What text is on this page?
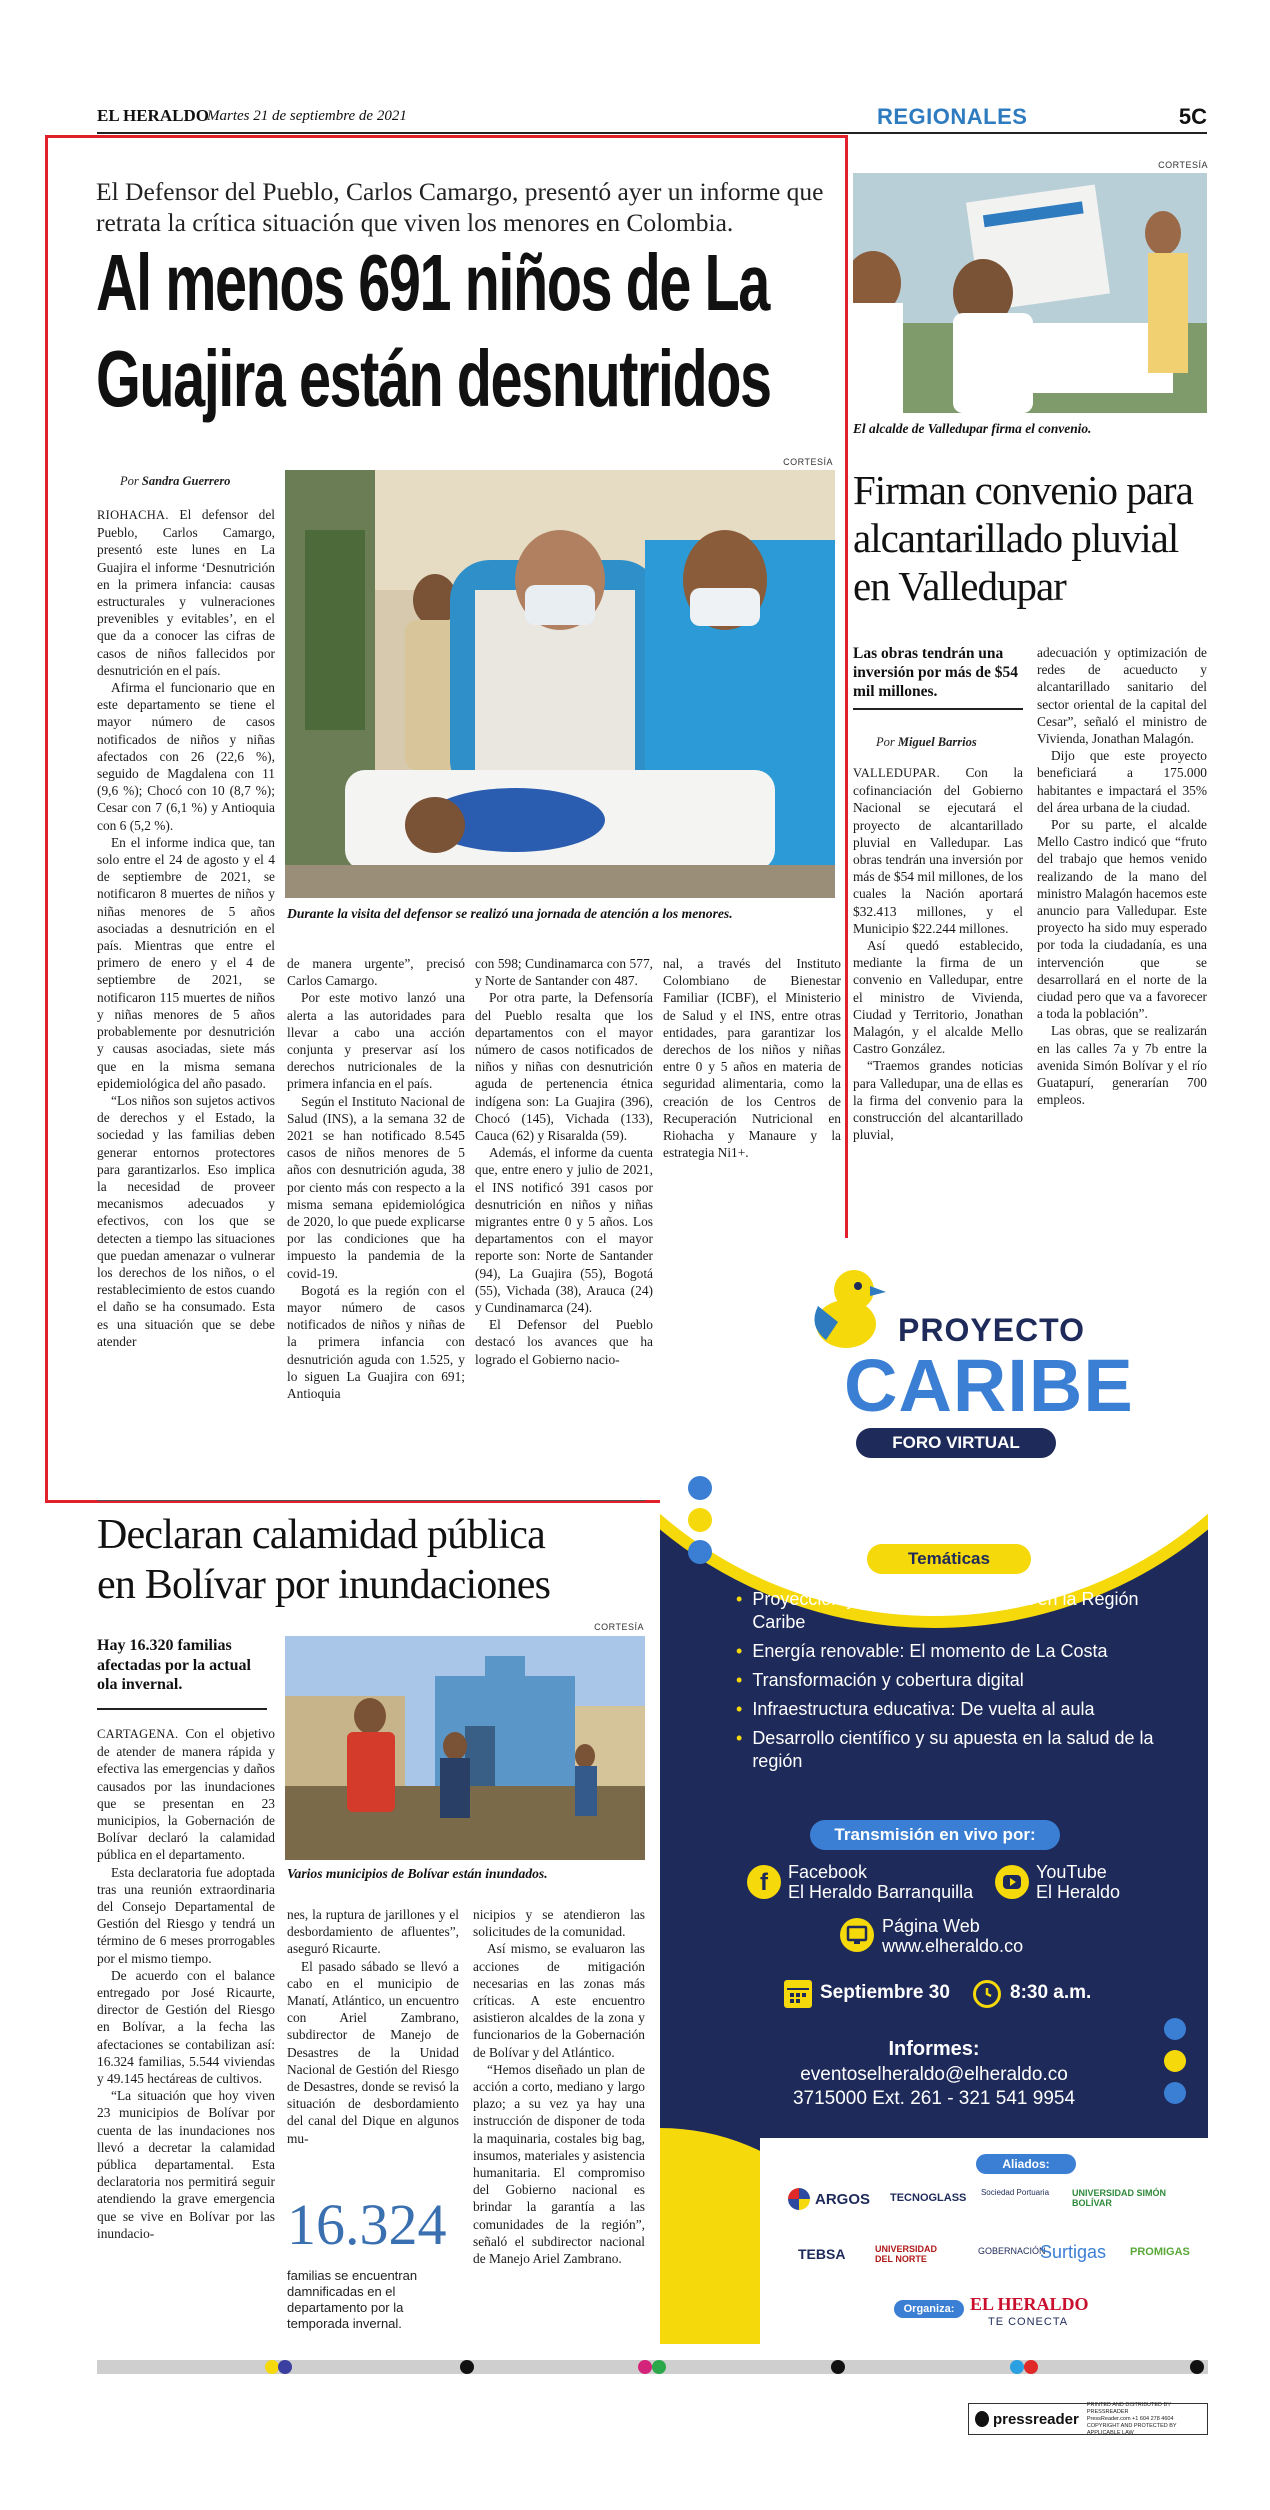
EL HERALDO
Martes 21 de septiembre de 2021	REGIONALES	5C
El Defensor del Pueblo, Carlos Camargo, presentó ayer un informe que retrata la crítica situación que viven los menores en Colombia.
Al menos 691 niños de La
Guajira están desnutridos
Por Sandra Guerrero
CORTESÍA
Durante la visita del defensor se realizó una jornada de atención a los menores.

RIOHACHA. El defensor del Pueblo, Carlos Camargo, presentó este lunes en La Guajira el informe ‘Desnutrición en la primera infancia: causas estructurales y vulneraciones prevenibles y evitables’, en el que da a conocer las cifras de casos de niños fallecidos por desnutrición en el país.

Afirma el funcionario que en este departamento se tiene el mayor número de casos notificados de niños y niñas afectados con 26 (22,6 %), seguido de Magdalena con 11 (9,6 %); Chocó con 10 (8,7 %); Cesar con 7 (6,1 %) y Antioquia con 6 (5,2 %).

En el informe indica que, tan solo entre el 24 de agosto y el 4 de septiembre de 2021, se notificaron 8 muertes de niños y niñas menores de 5 años asociadas a desnutrición en el país. Mientras que entre el primero de enero y el 4 de septiembre de 2021, se notificaron 115 muertes de niños y niñas menores de 5 años probablemente por desnutrición y causas asociadas, siete más que en la misma semana epidemiológica del año pasado.

“Los niños son sujetos activos de derechos y el Estado, la sociedad y las familias deben generar entornos protectores para garantizarlos. Eso implica la necesidad de proveer mecanismos adecuados y efectivos, con los que se detecten a tiempo las situaciones que puedan amenazar o vulnerar los derechos de los niños, o el restablecimiento de estos cuando el daño se ha consumado. Esta es una situación que se debe atender

de manera urgente”, precisó Carlos Camargo.

Por este motivo lanzó una alerta a las autoridades para llevar a cabo una acción conjunta y preservar así los derechos nutricionales de la primera infancia en el país.

Según el Instituto Nacional de Salud (INS), a la semana 32 de 2021 se han notificado 8.545 casos de niños menores de 5 años con desnutrición aguda, 38 por ciento más con respecto a la misma semana epidemiológica de 2020, lo que puede explicarse por las condiciones que ha impuesto la pandemia de la covid-19.

Bogotá es la región con el mayor número de casos notificados de niños y niñas de la primera infancia con desnutrición aguda con 1.525, y lo siguen La Guajira con 691; Antioquia

con 598; Cundinamarca con 577, y Norte de Santander con 487.

Por otra parte, la Defensoría del Pueblo resalta que los departamentos con el mayor número de casos notificados de niños y niñas con desnutrición aguda de pertenencia étnica indígena son: La Guajira (396), Chocó (145), Vichada (133), Cauca (62) y Risaralda (59).

Además, el informe da cuenta que, entre enero y julio de 2021, el INS notificó 391 casos por desnutrición en niños y niñas migrantes entre 0 y 5 años. Los departamentos con el mayor reporte son: Norte de Santander (94), La Guajira (55), Bogotá (55), Vichada (38), Arauca (24) y Cundinamarca (24).

El Defensor del Pueblo destacó los avances que ha logrado el Gobierno nacio-

nal, a través del Instituto Colombiano de Bienestar Familiar (ICBF), el Ministerio de Salud y el INS, entre otras entidades, para garantizar los derechos de los niños y niñas entre 0 y 5 años en materia de seguridad alimentaria, como la creación de los Centros de Recuperación Nutricional en Riohacha y Manaure y la estrategia Ni1+.

CORTESÍA
El alcalde de Valledupar firma el convenio.
Firman convenio para alcantarillado pluvial en Valledupar
Las obras tendrán una inversión por más de $54 mil millones.
Por Miguel Barrios

VALLEDUPAR. Con la cofinanciación del Gobierno Nacional se ejecutará el proyecto de alcantarillado pluvial en Valledupar. Las obras tendrán una inversión por más de $54 mil millones, de los cuales la Nación aportará $32.413 millones, y el Municipio $22.244 millones.

Así quedó establecido, mediante la firma de un convenio en Valledupar, entre el ministro de Vivienda, Ciudad y Territorio, Jonathan Malagón, y el alcalde Mello Castro González.

“Traemos grandes noticias para Valledupar, una de ellas es la firma del convenio para la construcción del alcantarillado pluvial,

adecuación y optimización de redes de acueducto y alcantarillado sanitario del sector oriental de la capital del Cesar”, señaló el ministro de Vivienda, Jonathan Malagón.

Dijo que este proyecto beneficiará a 175.000 habitantes e impactará el 35% del área urbana de la ciudad.

Por su parte, el alcalde Mello Castro indicó que “fruto del trabajo que hemos venido realizando de la mano del ministro Malagón hacemos este anuncio para Valledupar. Este proyecto ha sido muy esperado por toda la ciudadanía, es una intervención que se desarrollará en el norte de la ciudad pero que va a favorecer a toda la población”.

Las obras, que se realizarán en las calles 7a y 7b entre la avenida Simón Bolívar y el río Guatapurí, generarían 700 empleos.

Declaran calamidad pública
en Bolívar por inundaciones
Hay 16.320 familias afectadas por la actual ola invernal.
CORTESÍA
Varios municipios de Bolívar están inundados.

CARTAGENA. Con el objetivo de atender de manera rápida y efectiva las emergencias y daños causados por las inundaciones que se presentan en 23 municipios, la Gobernación de Bolívar declaró la calamidad pública en el departamento.

Esta declaratoria fue adoptada tras una reunión extraordinaria del Consejo Departamental de Gestión del Riesgo y tendrá un término de 6 meses prorrogables por el mismo tiempo.

De acuerdo con el balance entregado por José Ricaurte, director de Gestión del Riesgo en Bolívar, a la fecha las afectaciones se contabilizan así: 16.324 familias, 5.544 viviendas y 49.145 hectáreas de cultivos.

“La situación que hoy viven 23 municipios de Bolívar por cuenta de las inundaciones nos llevó a decretar la calamidad pública departamental. Esta declaratoria nos permitirá seguir atendiendo la grave emergencia que se vive en Bolívar por las inundacio-

nes, la ruptura de jarillones y el desbordamiento de afluentes”, aseguró Ricaurte.

El pasado sábado se llevó a cabo en el municipio de Manatí, Atlántico, un encuentro con Ariel Zambrano, subdirector de Manejo de Desastres de la Unidad Nacional de Gestión del Riesgo de Desastres, donde se revisó la situación de desbordamiento del canal del Dique en algunos mu-

16.324
familias se encuentran damnificadas en el departamento por la temporada invernal.

nicipios y se atendieron las solicitudes de la comunidad.

Así mismo, se evaluaron las acciones de mitigación necesarias en las zonas más críticas. A este encuentro asistieron alcaldes de la zona y funcionarios de la Gobernación de Bolívar y del Atlántico.

“Hemos diseñado un plan de acción a corto, mediano y largo plazo; a su vez ya hay una instrucción de disponer de toda la maquinaria, costales big bag, insumos, materiales y asistencia humanitaria. El compromiso del Gobierno nacional es brindar la garantía a las comunidades de la región”, señaló el subdirector nacional de Manejo Ariel Zambrano.

PROYECTO
CARIBE
FORO VIRTUAL
Temáticas
• Proyección y cobertura de vivienda en la Región Caribe
• Energía renovable: El momento de La Costa
• Transformación y cobertura digital
• Infraestructura educativa: De vuelta al aula
• Desarrollo científico y su apuesta en la salud de la región
Transmisión en vivo por:
f	Facebook
El Heraldo Barranquilla
YouTube
El Heraldo
Página Web
www.elheraldo.co
Septiembre 30	8:30 a.m.
Informes:
eventoselheraldo@elheraldo.co
3715000 Ext. 261 - 321 541 9954
Aliados:
ARGOS TECNOGLASS Sociedad Portuaria	UNIVERSIDAD SIMÓN BOLÍVAR
TEBSA	UNIVERSIDAD DEL NORTE
GOBERNACIÓN
Surtigas PROMIGAS
Organiza: EL HERALDO
TE CONECTA
pressreader
PRINTED AND DISTRIBUTED BY PRESSREADER
PressReader.com +1 604 278 4604
COPYRIGHT AND PROTECTED BY APPLICABLE LAW
